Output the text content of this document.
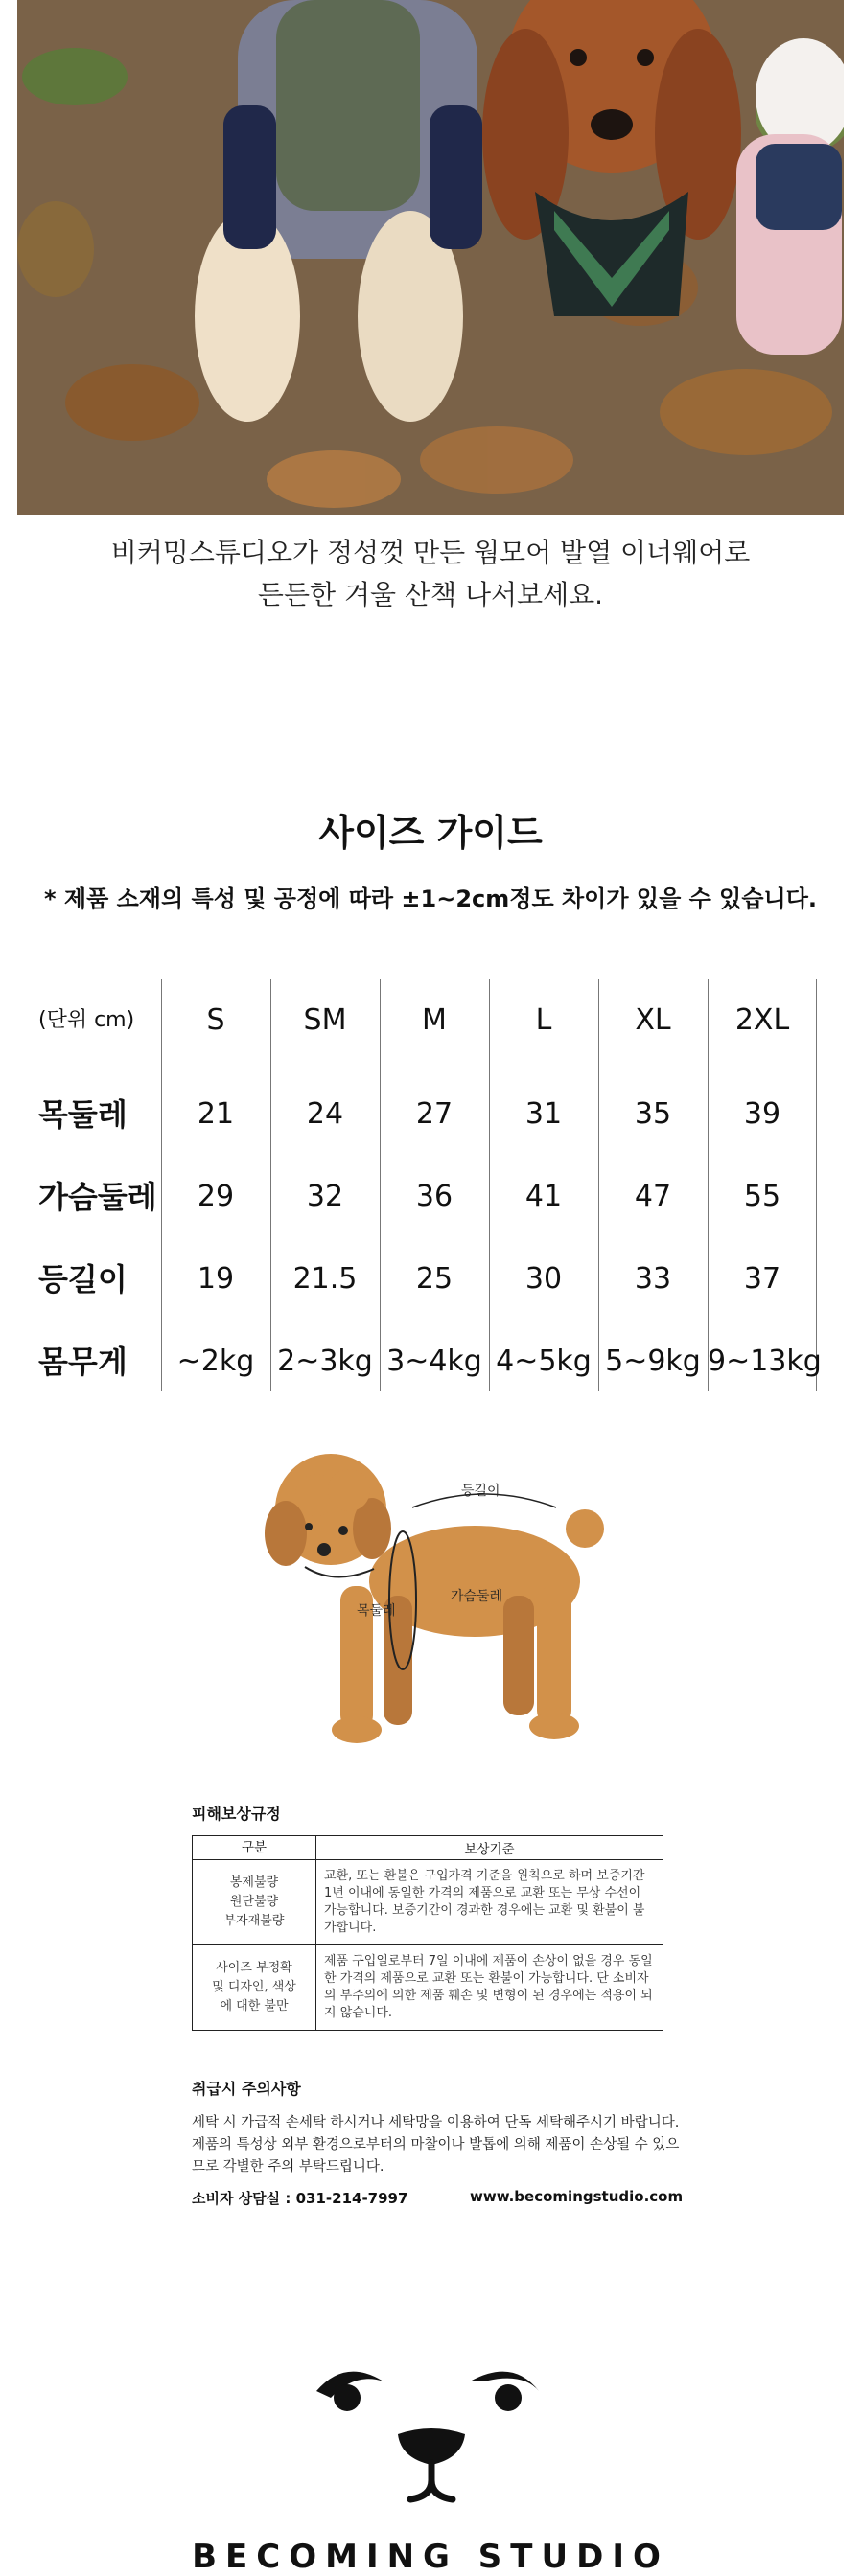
비커밍스튜디오가 정성껏 만든 웜모어 발열 이너웨어로
든든한 겨울 산책 나서보세요.
사이즈 가이드
* 제품 소재의 특성 및 공정에 따라 ±1~2cm정도 차이가 있을 수 있습니다.
(단위 cm)	S	SM	M	L	XL	2XL
목둘레	21	24	27	31	35	39
가슴둘레	29	32	36	41	47	55
등길이	19	21.5	25	30	33	37
몸무게	~2kg 2~3kg 3~4kg 4~5kg 5~9kg 9~13kg
등길이
가슴둘레
목둘레
피해보상규정
구분	보상기준

봉제불량
원단불량
부자재불량	교환, 또는 환불은 구입가격 기준을 원칙으로 하며 보증기간 1년 이내에 동일한 가격의 제품으로 교환 또는 무상 수선이 가능합니다. 보증기간이 경과한 경우에는 교환 및 환불이 불가합니다.

사이즈 부정확
및 디자인, 색상
에 대한 불만	제품 구입일로부터 7일 이내에 제품이 손상이 없을 경우 동일한 가격의 제품으로 교환 또는 환불이 가능합니다. 단 소비자의 부주의에 의한 제품 훼손 및 변형이 된 경우에는 적용이 되지 않습니다.
취급시 주의사항

세탁 시 가급적 손세탁 하시거나 세탁망을 이용하여 단독 세탁해주시기 바랍니다. 제품의 특성상 외부 환경으로부터의 마찰이나 발톱에 의해 제품이 손상될 수 있으므로 각별한 주의 부탁드립니다.

소비자 상담실 : 031-214-7997	www.becomingstudio.com
BECOMING STUDIO
